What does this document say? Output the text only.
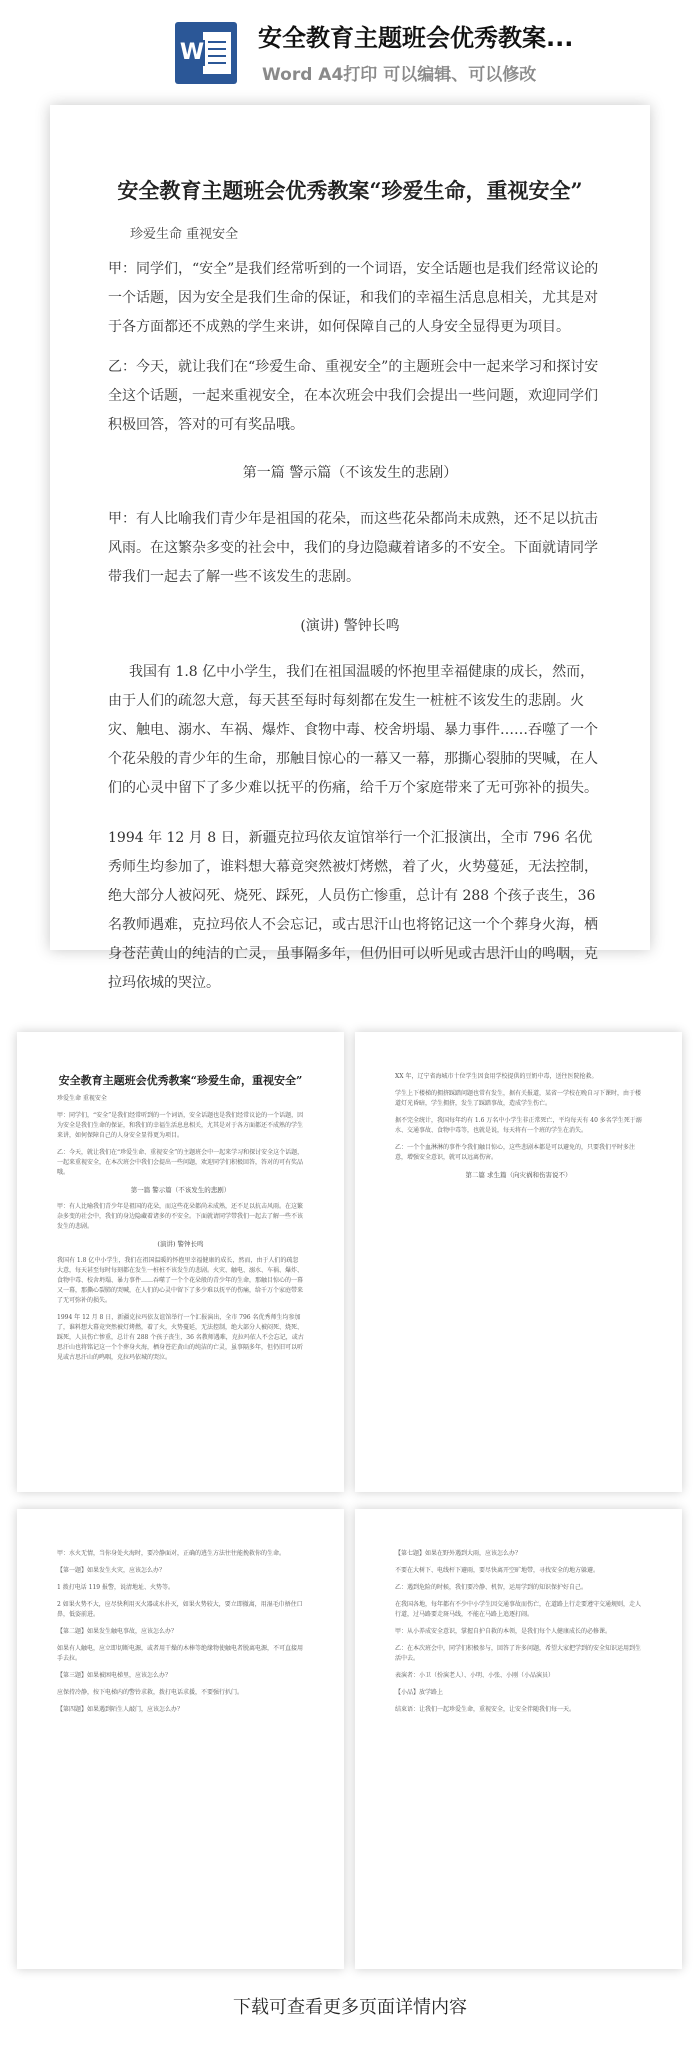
W
安全教育主题班会优秀教案...
Word A4打印 可以编辑、可以修改
安全教育主题班会优秀教案“珍爱生命，重视安全”
珍爱生命 重视安全

甲：同学们，“安全”是我们经常听到的一个词语，安全话题也是我们经常议论的一个话题，因为安全是我们生命的保证，和我们的幸福生活息息相关，尤其是对于各方面都还不成熟的学生来讲，如何保障自己的人身安全显得更为项目。

乙：今天，就让我们在“珍爱生命、重视安全”的主题班会中一起来学习和探讨安全这个话题，一起来重视安全，在本次班会中我们会提出一些问题，欢迎同学们积极回答，答对的可有奖品哦。

第一篇 警示篇（不该发生的悲剧）

甲：有人比喻我们青少年是祖国的花朵，而这些花朵都尚未成熟，还不足以抗击风雨。在这繁杂多变的社会中，我们的身边隐藏着诸多的不安全。下面就请同学带我们一起去了解一些不该发生的悲剧。

(演讲) 警钟长鸣

我国有 1.8 亿中小学生，我们在祖国温暖的怀抱里幸福健康的成长，然而，由于人们的疏忽大意，每天甚至每时每刻都在发生一桩桩不该发生的悲剧。火灾、触电、溺水、车祸、爆炸、食物中毒、校舍坍塌、暴力事件……吞噬了一个个花朵般的青少年的生命，那触目惊心的一幕又一幕，那撕心裂肺的哭喊，在人们的心灵中留下了多少难以抚平的伤痛，给千万个家庭带来了无可弥补的损失。

1994 年 12 月 8 日，新疆克拉玛依友谊馆举行一个汇报演出，全市 796 名优秀师生均参加了，谁料想大幕竟突然被灯烤燃，着了火，火势蔓延，无法控制，绝大部分人被闷死、烧死、踩死，人员伤亡惨重，总计有 288 个孩子丧生，36 名教师遇难，克拉玛依人不会忘记，或古思汗山也将铭记这一个个葬身火海，栖身苍茫黄山的纯洁的亡灵，虽事隔多年，但仍旧可以听见或古思汗山的鸣咽，克拉玛依城的哭泣。

安全教育主题班会优秀教案“珍爱生命，重视安全”

珍爱生命 重视安全

甲：同学们，“安全”是我们经常听到的一个词语，安全话题也是我们经常议论的一个话题，因为安全是我们生命的保证，和我们的幸福生活息息相关，尤其是对于各方面都还不成熟的学生来讲，如何保障自己的人身安全显得更为项目。

乙：今天，就让我们在“珍爱生命、重视安全”的主题班会中一起来学习和探讨安全这个话题，一起来重视安全，在本次班会中我们会提出一些问题，欢迎同学们积极回答，答对的可有奖品哦。

第一篇 警示篇（不该发生的悲剧）

甲：有人比喻我们青少年是祖国的花朵，而这些花朵都尚未成熟，还不足以抗击风雨。在这繁杂多变的社会中，我们的身边隐藏着诸多的不安全。下面就请同学带我们一起去了解一些不该发生的悲剧。

(演讲) 警钟长鸣

我国有 1.8 亿中小学生，我们在祖国温暖的怀抱里幸福健康的成长，然而，由于人们的疏忽大意，每天甚至每时每刻都在发生一桩桩不该发生的悲剧。火灾、触电、溺水、车祸、爆炸、食物中毒、校舍坍塌、暴力事件……吞噬了一个个花朵般的青少年的生命，那触目惊心的一幕又一幕，那撕心裂肺的哭喊，在人们的心灵中留下了多少难以抚平的伤痛，给千万个家庭带来了无可弥补的损失。

1994 年 12 月 8 日，新疆克拉玛依友谊馆举行一个汇报演出，全市 796 名优秀师生均参加了，谁料想大幕竟突然被灯烤燃，着了火，火势蔓延，无法控制，绝大部分人被闷死、烧死、踩死，人员伤亡惨重，总计有 288 个孩子丧生，36 名教师遇难，克拉玛依人不会忘记，或古思汗山也将铭记这一个个葬身火海，栖身苍茫黄山的纯洁的亡灵，虽事隔多年，但仍旧可以听见或古思汗山的鸣咽，克拉玛依城的哭泣。

XX 年，辽宁省海城市十位学生因食用学校提供的豆奶中毒，送往医院抢救。

学生上下楼梯的拥挤踩踏问题也常有发生，据有关报道，某省一学校在晚自习下课时，由于楼道灯光昏暗，学生拥挤，发生了踩踏事故，造成学生伤亡。

据不完全统计，我国每年约有 1.6 万名中小学生非正常死亡，平均每天有 40 多名学生死于溺水、交通事故、食物中毒等，也就是说，每天将有一个班的学生在消失。

乙：一个个血淋淋的事件令我们触目惊心，这些悲剧本都是可以避免的，只要我们平时多注意，增强安全意识，就可以远离伤害。

第二篇 求生篇（向灾祸和伤害说不）

甲：水火无情，当你身处火海时，要冷静面对，正确的逃生方法往往能挽救你的生命。

【第一题】如果发生火灾，应该怎么办？

1 拨打电话 119 报警，说清地址、火势等。

2 如果火势不大，应尽快利用灭火器或水扑灭，如果火势较大，要立即撤离，用湿毛巾捂住口鼻，低姿前进。

【第二题】如果发生触电事故，应该怎么办？

如果有人触电，应立即切断电源，或者用干燥的木棒等绝缘物使触电者脱离电源，不可直接用手去拉。

【第三题】如果被困电梯里，应该怎么办？

应保持冷静，按下电梯内的警铃求救，拨打电话求援，不要强行扒门。

【第四题】如果遇到陌生人敲门，应该怎么办？

【第七题】如果在野外遇到大雨，应该怎么办？

不要在大树下、电线杆下避雨，要尽快离开空旷地带，寻找安全的地方躲避。

乙：遇到危险的时候，我们要冷静、机智，运用学到的知识保护好自己。

在我国各地，每年都有不少中小学生因交通事故而伤亡，在道路上行走要遵守交通规则，走人行道，过马路要走斑马线，不能在马路上追逐打闹。

甲：从小养成安全意识，掌握自护自救的本领，是我们每个人健康成长的必修课。

乙：在本次班会中，同学们积极参与，回答了许多问题，希望大家把学到的安全知识运用到生活中去。

表演者：小卫（扮演老人）、小明、小张、小刚（小品演员）

【小品】放学路上

结束语：让我们一起珍爱生命，重视安全，让安全伴随我们每一天。

下载可查看更多页面详情内容
